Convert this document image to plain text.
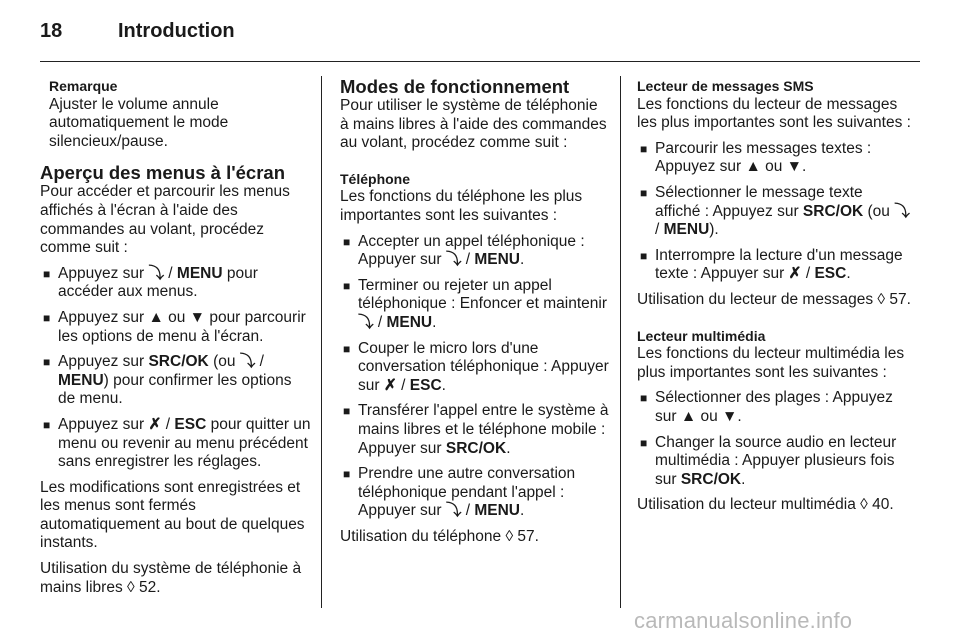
18	Introduction
Remarque
Ajuster le volume annule automatiquement le mode silencieux/pause.
Aperçu des menus à l'écran

Pour accéder et parcourir les menus affichés à l'écran à l'aide des commandes au volant, procédez comme suit :

■ Appuyez sur ⤵ / MENU pour accéder aux menus.
■ Appuyez sur ▲ ou ▼ pour parcourir les options de menu à l'écran.
■ Appuyez sur SRC/OK (ou ⤵ / MENU) pour confirmer les options de menu.
■ Appuyez sur ✗ / ESC pour quitter un menu ou revenir au menu précédent sans enregistrer les réglages.

Les modifications sont enregistrées et les menus sont fermés automatiquement au bout de quelques instants.

Utilisation du système de téléphonie à mains libres ◊ 52.

Modes de fonctionnement

Pour utiliser le système de téléphonie à mains libres à l'aide des commandes au volant, procédez comme suit :

Téléphone

Les fonctions du téléphone les plus importantes sont les suivantes :

■ Accepter un appel téléphonique : Appuyer sur ⤵ / MENU.
■ Terminer ou rejeter un appel téléphonique : Enfoncer et maintenir ⤵ / MENU.
■ Couper le micro lors d'une conversation téléphonique : Appuyer sur ✗ / ESC.
■ Transférer l'appel entre le système à mains libres et le téléphone mobile : Appuyer sur SRC/OK.
■ Prendre une autre conversation téléphonique pendant l'appel : Appuyer sur ⤵ / MENU.

Utilisation du téléphone ◊ 57.

Lecteur de messages SMS

Les fonctions du lecteur de messages les plus importantes sont les suivantes :

■ Parcourir les messages textes : Appuyez sur ▲ ou ▼.
■ Sélectionner le message texte affiché : Appuyez sur SRC/OK (ou ⤵ / MENU).
■ Interrompre la lecture d'un message texte : Appuyer sur ✗ / ESC.

Utilisation du lecteur de messages ◊ 57.

Lecteur multimédia

Les fonctions du lecteur multimédia les plus importantes sont les suivantes :

■ Sélectionner des plages : Appuyez sur ▲ ou ▼.
■ Changer la source audio en lecteur multimédia : Appuyer plusieurs fois sur SRC/OK.

Utilisation du lecteur multimédia ◊ 40.

carmanualsonline.info
